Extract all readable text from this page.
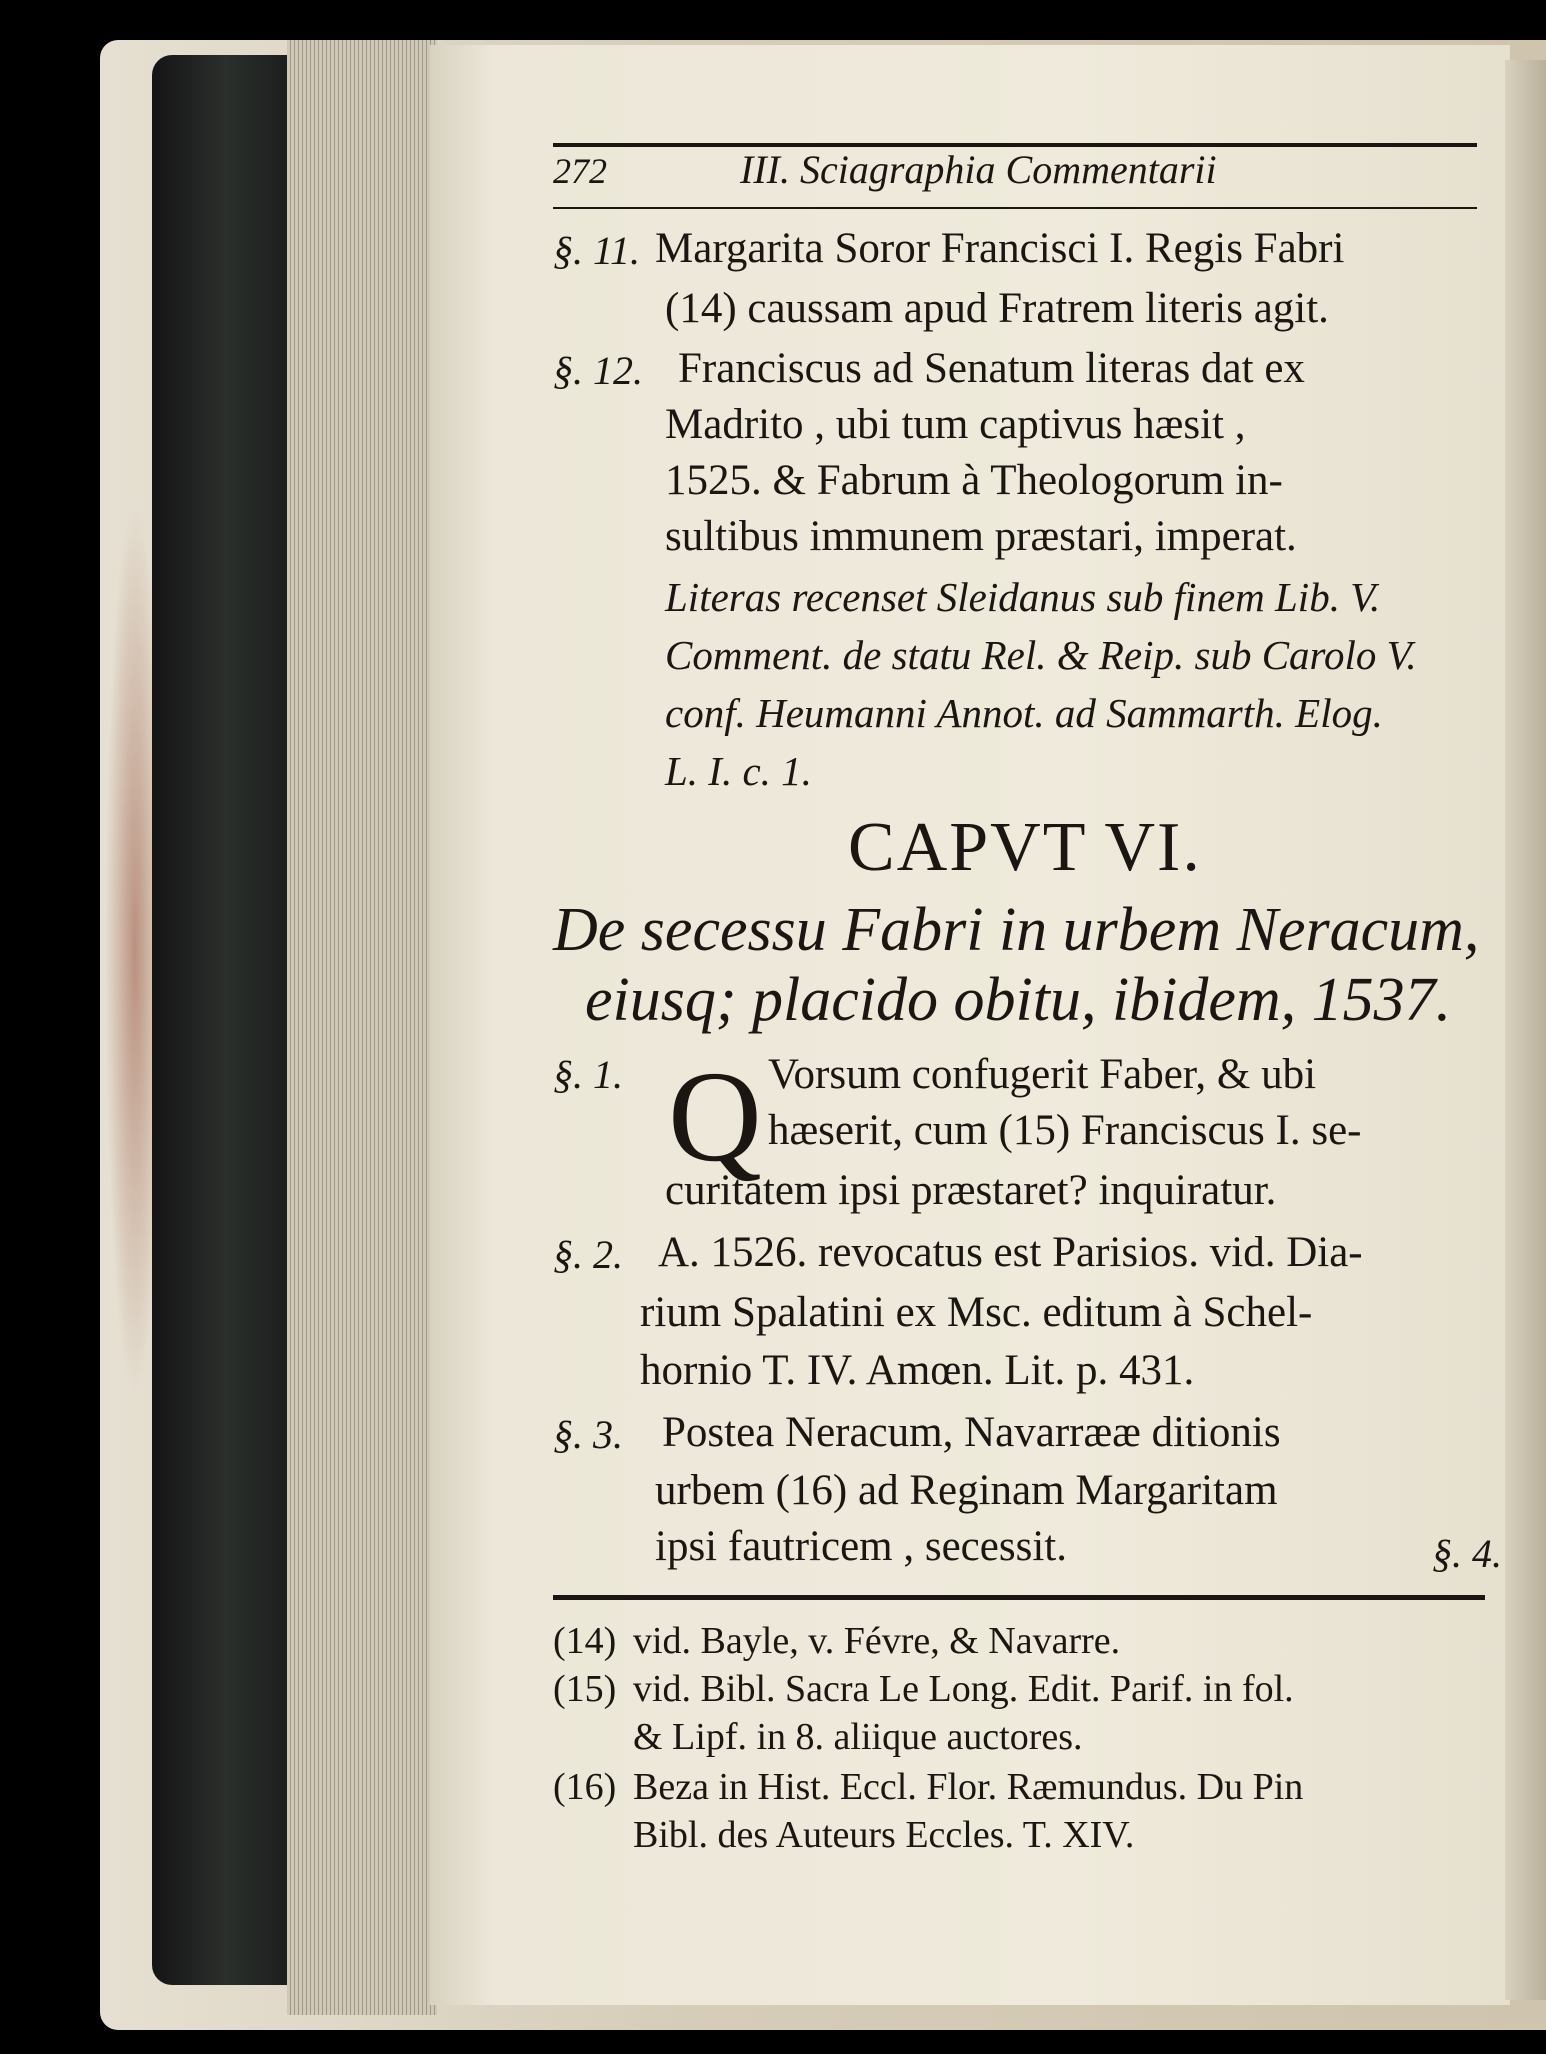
272	III. Sciagraphia Commentarii
§. 11. Margarita Soror Francisci I. Regis Fabri
(14) caussam apud Fratrem literis agit.
§. 12. Franciscus ad Senatum literas dat ex
Madrito , ubi tum captivus hæsit ,
1525. & Fabrum à Theologorum in-
sultibus immunem præstari, imperat.
Literas recenset Sleidanus sub finem Lib. V.
Comment. de statu Rel. & Reip. sub Carolo V.
conf. Heumanni Annot. ad Sammarth. Elog.
L. I. c. 1.
CAPVT VI.
De secessu Fabri in urbem Neracum,
eiusq; placido obitu, ibidem, 1537.
§. 1. Q Vorsum confugerit Faber, & ubi
hæserit, cum (15) Franciscus I. se-
curitatem ipsi præstaret? inquiratur.
§. 2. A. 1526. revocatus est Parisios. vid. Dia-
rium Spalatini ex Msc. editum à Schel-
hornio T. IV. Amœn. Lit. p. 431.
§. 3. Postea Neracum, Navarrææ ditionis
urbem (16) ad Reginam Margaritam
ipsi fautricem , secessit.	§. 4.
(14) vid. Bayle, v. Févre, & Navarre.
(15) vid. Bibl. Sacra Le Long. Edit. Parif. in fol.
& Lipf. in 8. aliique auctores.
(16) Beza in Hist. Eccl. Flor. Ræmundus. Du Pin
Bibl. des Auteurs Eccles. T. XIV.
